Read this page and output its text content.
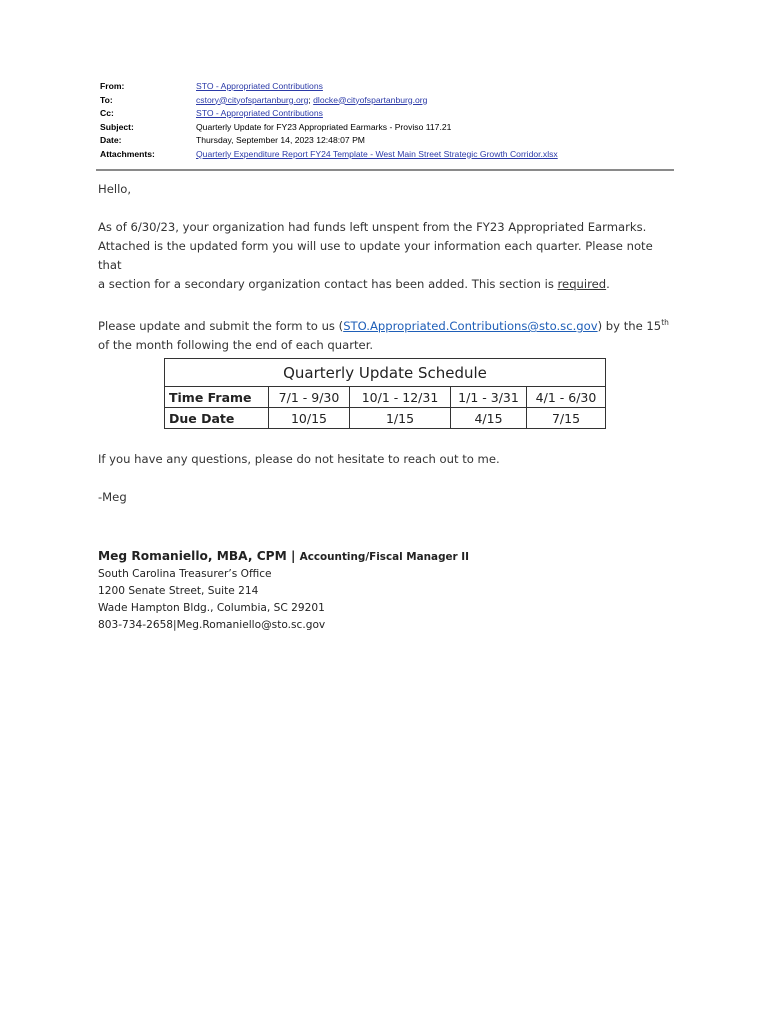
From:	STO - Appropriated Contributions
To:	cstory@cityofspartanburg.org; dlocke@cityofspartanburg.org
Cc:	STO - Appropriated Contributions
Subject:	Quarterly Update for FY23 Appropriated Earmarks - Proviso 117.21
Date:	Thursday, September 14, 2023 12:48:07 PM
Attachments:	Quarterly Expenditure Report FY24 Template - West Main Street Strategic Growth Corridor.xlsx

Hello,

As of 6/30/23, your organization had funds left unspent from the FY23 Appropriated Earmarks.

Attached is the updated form you will use to update your information each quarter. Please note that

a section for a secondary organization contact has been added. This section is required.

Please update and submit the form to us (STO.Appropriated.Contributions@sto.sc.gov) by the 15th

of the month following the end of each quarter.

Quarterly Update Schedule				
Time Frame	7/1 - 9/30	10/1 - 12/31	1/1 - 3/31	4/1 - 6/30
Due Date	10/15	1/15	4/15	7/15

If you have any questions, please do not hesitate to reach out to me.

-Meg

Meg Romaniello, MBA, CPM | Accounting/Fiscal Manager II
South Carolina Treasurer’s Office
1200 Senate Street, Suite 214
Wade Hampton Bldg., Columbia, SC 29201
803-734-2658|Meg.Romaniello@sto.sc.gov
